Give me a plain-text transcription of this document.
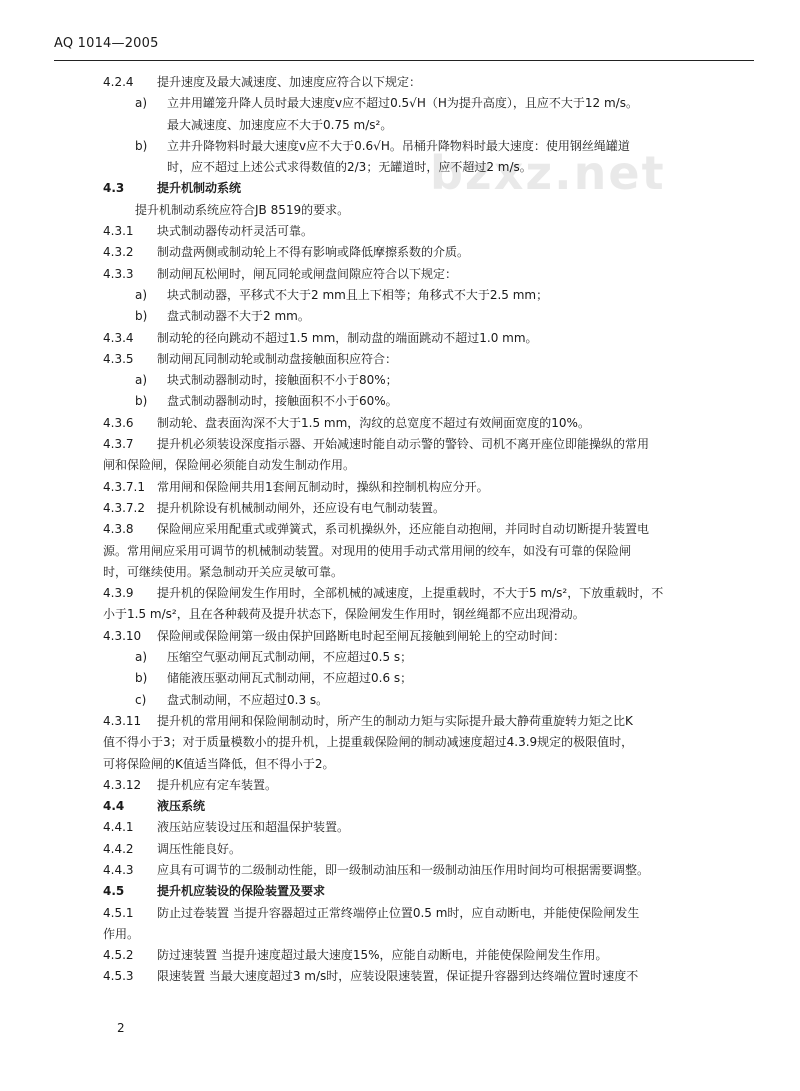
AQ 1014—2005
bzxz.net
4.2.4 提升速度及最大减速度、加速度应符合以下规定：
a) 立井用罐笼升降人员时最大速度v应不超过0.5√H（H为提升高度），且应不大于12 m/s。
最大减速度、加速度应不大于0.75 m/s²。
b) 立井升降物料时最大速度v应不大于0.6√H。吊桶升降物料时最大速度：使用钢丝绳罐道
时，应不超过上述公式求得数值的2/3；无罐道时，应不超过2 m/s。
4.3	提升机制动系统
提升机制动系统应符合JB 8519的要求。
4.3.1 块式制动器传动杆灵活可靠。
4.3.2 制动盘两侧或制动轮上不得有影响或降低摩擦系数的介质。
4.3.3 制动闸瓦松闸时，闸瓦同轮或闸盘间隙应符合以下规定：
a) 块式制动器，平移式不大于2 mm且上下相等；角移式不大于2.5 mm；
b) 盘式制动器不大于2 mm。
4.3.4 制动轮的径向跳动不超过1.5 mm，制动盘的端面跳动不超过1.0 mm。
4.3.5 制动闸瓦同制动轮或制动盘接触面积应符合：
a) 块式制动器制动时，接触面积不小于80%；
b) 盘式制动器制动时，接触面积不小于60%。
4.3.6 制动轮、盘表面沟深不大于1.5 mm，沟纹的总宽度不超过有效闸面宽度的10%。
4.3.7 提升机必须装设深度指示器、开始减速时能自动示警的警铃、司机不离开座位即能操纵的常用
闸和保险闸，保险闸必须能自动发生制动作用。
4.3.7.1 常用闸和保险闸共用1套闸瓦制动时，操纵和控制机构应分开。
4.3.7.2 提升机除设有机械制动闸外，还应设有电气制动装置。
4.3.8 保险闸应采用配重式或弹簧式，系司机操纵外，还应能自动抱闸，并同时自动切断提升装置电
源。常用闸应采用可调节的机械制动装置。对现用的使用手动式常用闸的绞车，如没有可靠的保险闸
时，可继续使用。紧急制动开关应灵敏可靠。
4.3.9 提升机的保险闸发生作用时，全部机械的减速度，上提重载时，不大于5 m/s²，下放重载时，不
小于1.5 m/s²，且在各种载荷及提升状态下，保险闸发生作用时，钢丝绳都不应出现滑动。
4.3.10 保险闸或保险闸第一级由保护回路断电时起至闸瓦接触到闸轮上的空动时间：
a) 压缩空气驱动闸瓦式制动闸，不应超过0.5 s；
b) 储能液压驱动闸瓦式制动闸，不应超过0.6 s；
c) 盘式制动闸，不应超过0.3 s。
4.3.11 提升机的常用闸和保险闸制动时，所产生的制动力矩与实际提升最大静荷重旋转力矩之比K
值不得小于3；对于质量模数小的提升机，上提重载保险闸的制动减速度超过4.3.9规定的极限值时，
可将保险闸的K值适当降低，但不得小于2。
4.3.12 提升机应有定车装置。
4.4	液压系统
4.4.1 液压站应装设过压和超温保护装置。
4.4.2 调压性能良好。
4.4.3 应具有可调节的二级制动性能，即一级制动油压和一级制动油压作用时间均可根据需要调整。
4.5	提升机应装设的保险装置及要求
4.5.1 防止过卷装置 当提升容器超过正常终端停止位置0.5 m时，应自动断电，并能使保险闸发生
作用。
4.5.2 防过速装置 当提升速度超过最大速度15%，应能自动断电，并能使保险闸发生作用。
4.5.3 限速装置 当最大速度超过3 m/s时，应装设限速装置，保证提升容器到达终端位置时速度不
2
